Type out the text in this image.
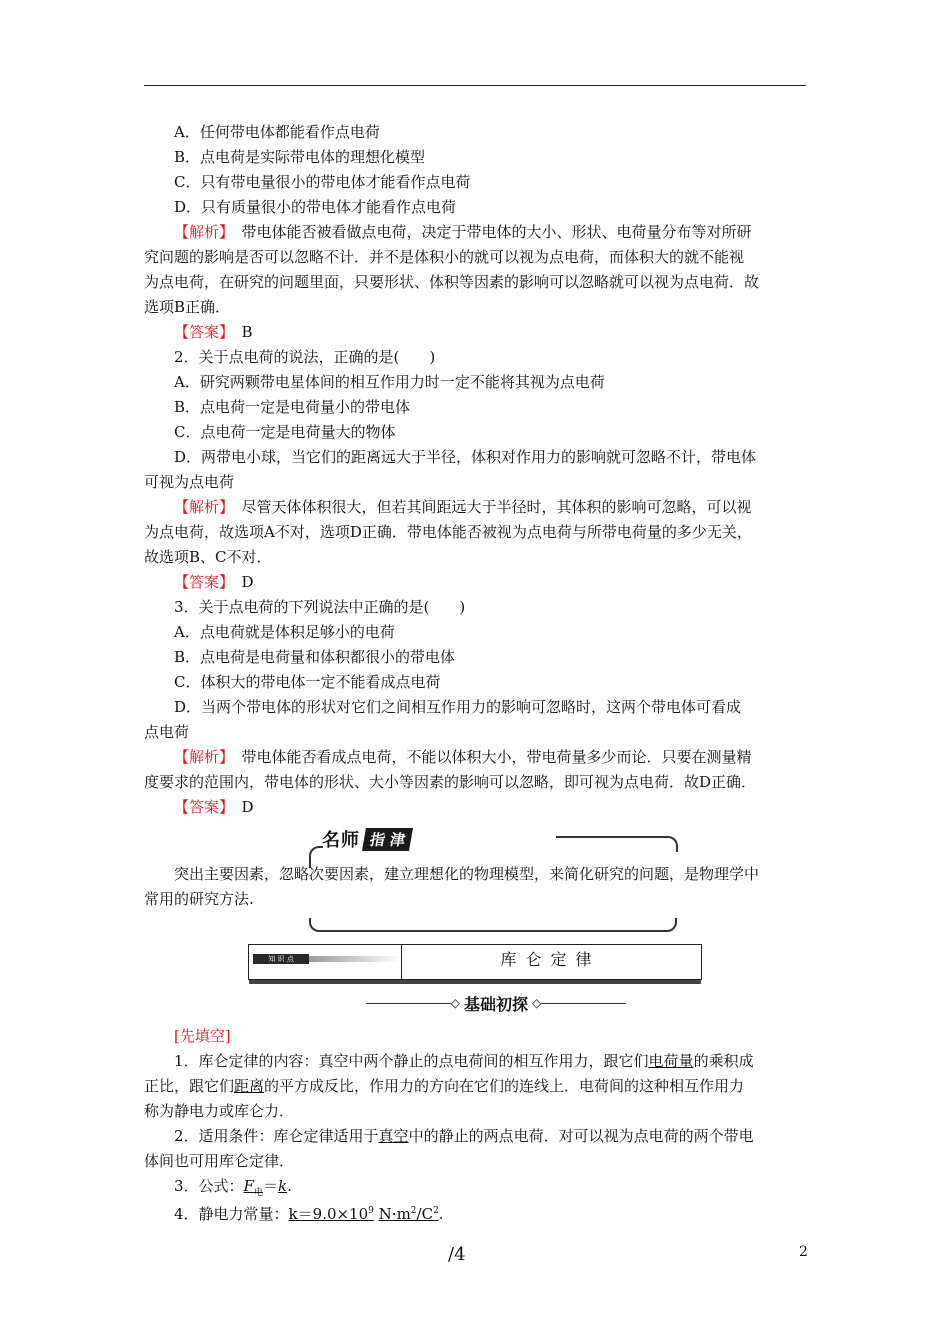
A．任何带电体都能看作点电荷
B．点电荷是实际带电体的理想化模型
C．只有带电量很小的带电体才能看作点电荷
D．只有质量很小的带电体才能看作点电荷
【解析】　带电体能否被看做点电荷，决定于带电体的大小、形状、电荷量分布等对所研
究问题的影响是否可以忽略不计．并不是体积小的就可以视为点电荷，而体积大的就不能视
为点电荷，在研究的问题里面，只要形状、体积等因素的影响可以忽略就可以视为点电荷．故
选项B正确．
【答案】　B
2．关于点电荷的说法，正确的是(　　)
A．研究两颗带电星体间的相互作用力时一定不能将其视为点电荷
B．点电荷一定是电荷量小的带电体
C．点电荷一定是电荷量大的物体
D．两带电小球，当它们的距离远大于半径，体积对作用力的影响就可忽略不计，带电体
可视为点电荷
【解析】　尽管天体体积很大，但若其间距远大于半径时，其体积的影响可忽略，可以视
为点电荷，故选项A不对，选项D正确．带电体能否被视为点电荷与所带电荷量的多少无关，
故选项B、C不对．
【答案】　D
3．关于点电荷的下列说法中正确的是(　　)
A．点电荷就是体积足够小的电荷
B．点电荷是电荷量和体积都很小的带电体
C．体积大的带电体一定不能看成点电荷
D．当两个带电体的形状对它们之间相互作用力的影响可忽略时，这两个带电体可看成
点电荷
【解析】　带电体能否看成点电荷，不能以体积大小，带电荷量多少而论．只要在测量精
度要求的范围内，带电体的形状、大小等因素的影响可以忽略，即可视为点电荷．故D正确．
【答案】　D
名师 指 津
突出主要因素，忽略次要因素，建立理想化的物理模型，来简化研究的问题，是物理学中
常用的研究方法.
知 识 点	库仑定律
◇ 基础初探 ◇
[先填空]
1．库仑定律的内容：真空中两个静止的点电荷间的相互作用力，跟它们电荷量的乘积成
正比，跟它们距离的平方成反比，作用力的方向在它们的连线上．电荷间的这种相互作用力
称为静电力或库仑力．
2．适用条件：库仑定律适用于真空中的静止的两点电荷．对可以视为点电荷的两个带电
体间也可用库仑定律．
3．公式：$F_电=k$.
4．静电力常量：$k=9.0\times 10^9$ $N\cdot m^2/C^2$.
/4	2
